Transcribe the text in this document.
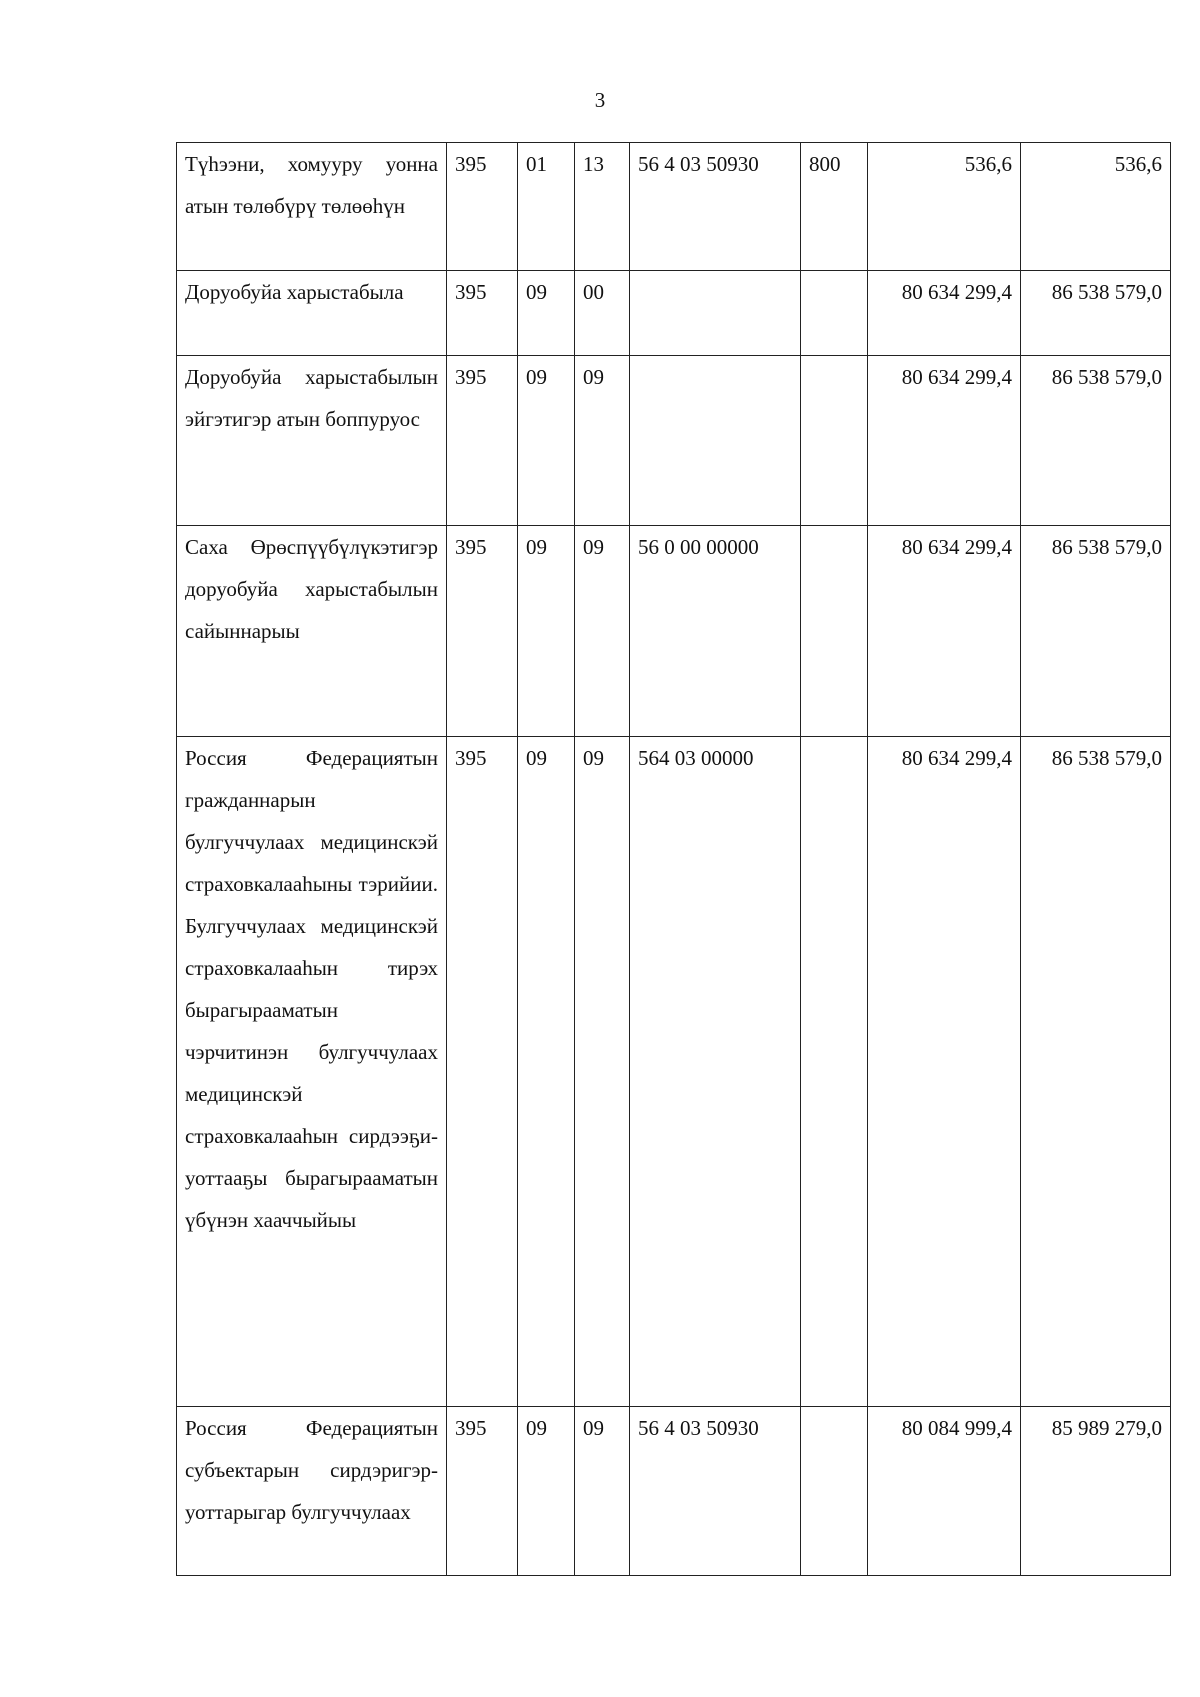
3
Түһээни, хомууру уонна атын төлөбүрү төлөөһүн	395	01	13	56 4 03 50930	800	536,6	536,6
Доруобуйа харыстабыла	395	09	00			80 634 299,4	86 538 579,0
Доруобуйа харыстабылын эйгэтигэр атын боппуруос	395	09	09			80 634 299,4	86 538 579,0
Саха Өрөспүүбүлүкэтигэр доруобуйа харыстабылын сайыннарыы	395	09	09	56 0 00 00000		80 634 299,4	86 538 579,0
Россия Федерациятын гражданнарын булгуччулаах медицинскэй страховкалааһыны тэрийии. Булгуччулаах медицинскэй страховкалааһын тирэх бырагырааматын чэрчитинэн булгуччулаах медицинскэй страховкалааһын сирдээҕи-уоттааҕы бырагырааматын үбүнэн хааччыйыы	395	09	09	564 03 00000		80 634 299,4	86 538 579,0
Россия Федерациятын субъектарын сирдэригэр-уоттарыгар булгуччулаах	395	09	09	56 4 03 50930		80 084 999,4	85 989 279,0
